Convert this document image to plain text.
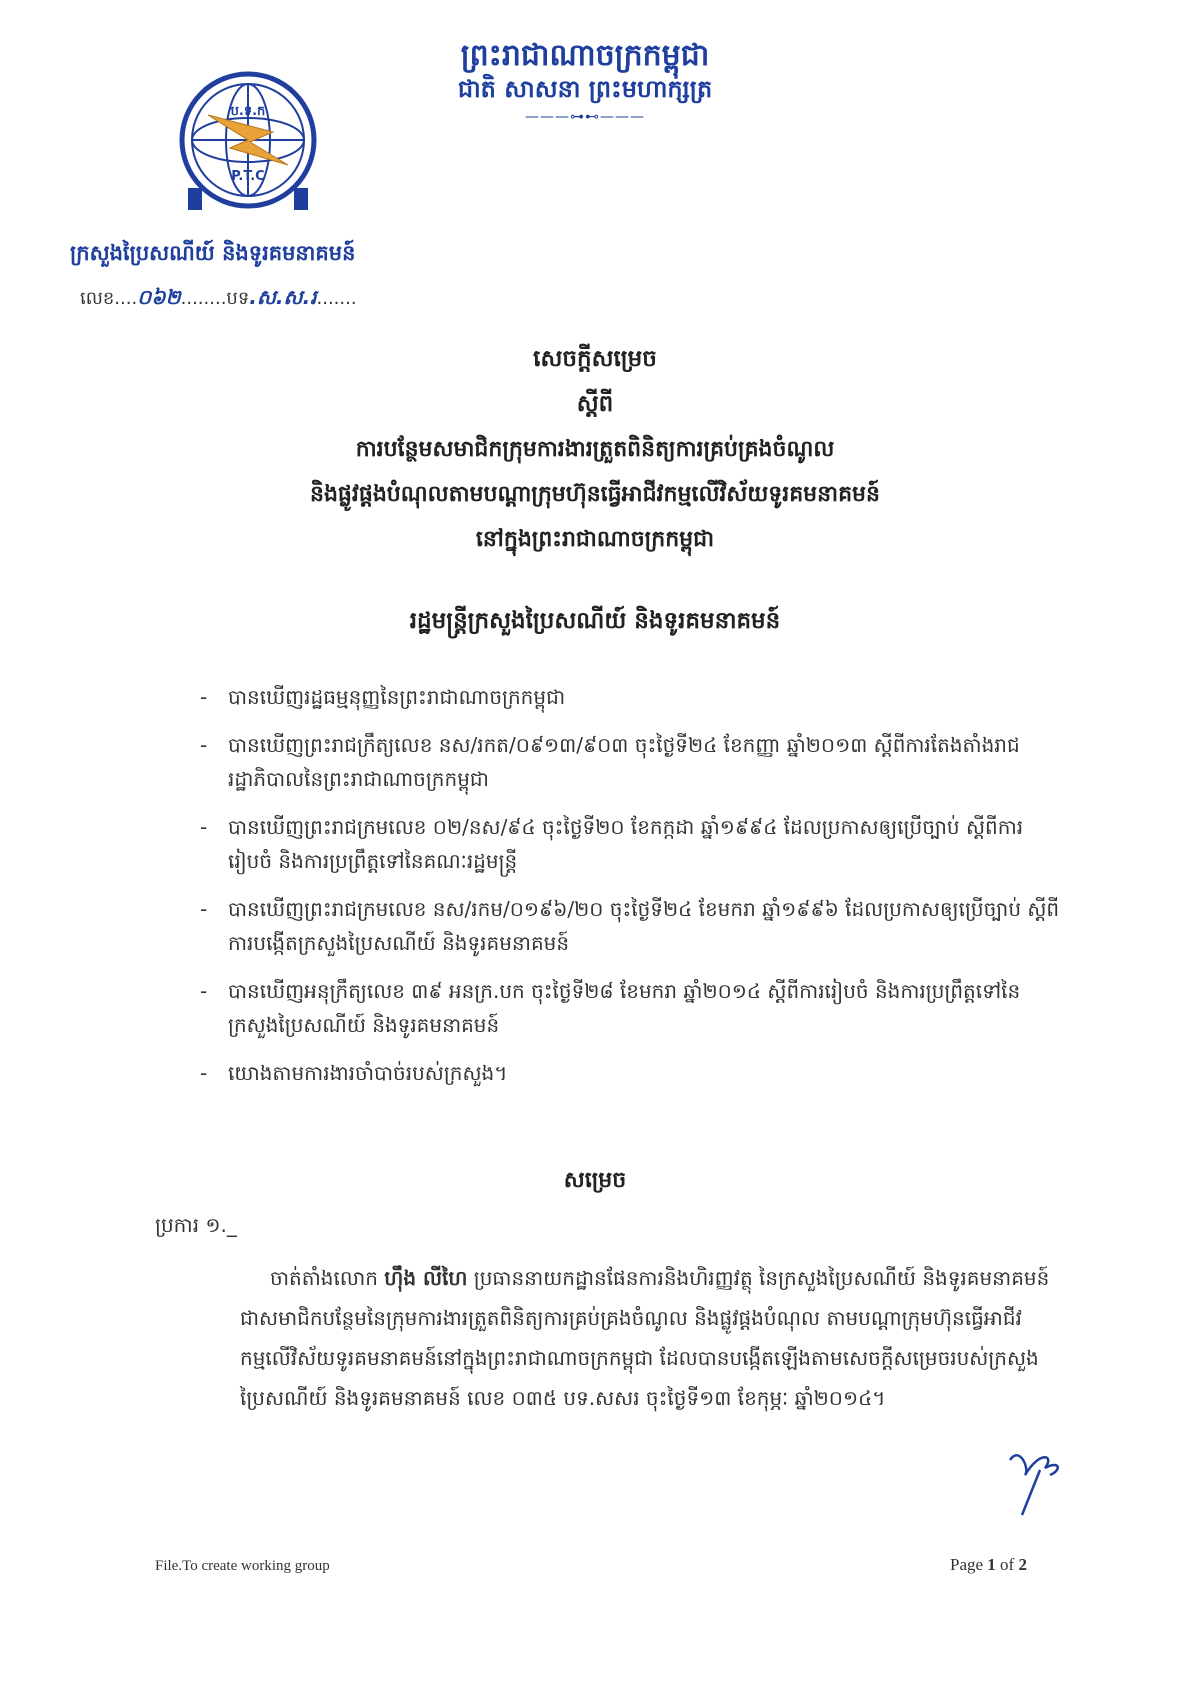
ព្រះរាជាណាចក្រកម្ពុជា
ជាតិ សាសនា ព្រះមហាក្សត្រ
———⊶⊷———
ប.ទ.ក
P.T.C
ក្រសួងប្រៃសណីយ៍ និងទូរគមនាគមន៍
លេខ....០៦២........បទ.ស.ស.រ.......
សេចក្តីសម្រេច
ស្តីពី
ការបន្ថែមសមាជិកក្រុមការងារត្រួតពិនិត្យការគ្រប់គ្រងចំណូល
និងផ្លូវផ្តងបំណុលតាមបណ្តាក្រុមហ៊ុនធ្វើអាជីវកម្មលើវិស័យទូរគមនាគមន៍
នៅក្នុងព្រះរាជាណាចក្រកម្ពុជា
រដ្ឋមន្ត្រីក្រសួងប្រៃសណីយ៍ និងទូរគមនាគមន៍
-	បានឃើញរដ្ឋធម្មនុញ្ញនៃព្រះរាជាណាចក្រកម្ពុជា
-	បានឃើញព្រះរាជក្រឹត្យលេខ នស/រកត/០៩១៣/៩០៣ ចុះថ្ងៃទី២៤ ខែកញ្ញា ឆ្នាំ២០១៣ ស្តីពីការតែងតាំងរាជរដ្ឋាភិបាលនៃព្រះរាជាណាចក្រកម្ពុជា
-	បានឃើញព្រះរាជក្រមលេខ ០២/នស/៩៤ ចុះថ្ងៃទី២០ ខែកក្កដា ឆ្នាំ១៩៩៤ ដែលប្រកាសឲ្យប្រើច្បាប់ ស្តីពីការរៀបចំ និងការប្រព្រឹត្តទៅនៃគណៈរដ្ឋមន្ត្រី
-	បានឃើញព្រះរាជក្រមលេខ នស/រកម/០១៩៦/២០ ចុះថ្ងៃទី២៤ ខែមករា ឆ្នាំ១៩៩៦ ដែលប្រកាសឲ្យប្រើច្បាប់ ស្តីពីការបង្កើតក្រសួងប្រៃសណីយ៍ និងទូរគមនាគមន៍
-	បានឃើញអនុក្រឹត្យលេខ ៣៩ អនក្រ.បក ចុះថ្ងៃទី២៨ ខែមករា ឆ្នាំ២០១៤ ស្តីពីការរៀបចំ និងការប្រព្រឹត្តទៅនៃក្រសួងប្រៃសណីយ៍ និងទូរគមនាគមន៍
-	យោងតាមការងារចាំបាច់របស់ក្រសួង។
សម្រេច
ប្រការ ១._
ចាត់តាំងលោក ហ៊ឹង លីហៃ ប្រធាននាយកដ្ឋានផែនការនិងហិរញ្ញវត្ថុ នៃក្រសួងប្រៃសណីយ៍ និងទូរគមនាគមន៍ ជាសមាជិកបន្ថែមនៃក្រុមការងារត្រួតពិនិត្យការគ្រប់គ្រងចំណូល និងផ្លូវផ្តងបំណុល តាមបណ្តាក្រុមហ៊ុនធ្វើអាជីវកម្មលើវិស័យទូរគមនាគមន៍នៅក្នុងព្រះរាជាណាចក្រកម្ពុជា ដែលបានបង្កើតឡើងតាមសេចក្តីសម្រេចរបស់ក្រសួងប្រៃសណីយ៍ និងទូរគមនាគមន៍ លេខ ០៣៥ បទ.សសរ ចុះថ្ងៃទី១៣ ខែកុម្ភៈ ឆ្នាំ២០១៤។
File.To create working group	Page 1 of 2
